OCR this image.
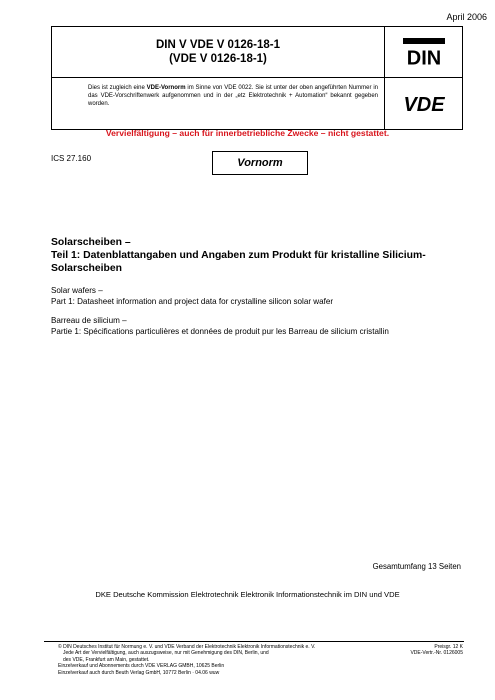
April 2006
DIN V VDE V 0126-18-1
(VDE V 0126-18-1)	DIN
Dies ist zugleich eine VDE-Vornorm im Sinne von VDE 0022. Sie ist unter der oben angeführten Nummer in das VDE-Vorschriftenwerk aufgenommen und in der „etz Elektrotechnik + Automation“ bekannt gegeben worden.	VDE
Vervielfältigung – auch für innerbetriebliche Zwecke – nicht gestattet.
ICS 27.160	Vornorm
Solarscheiben –
Teil 1: Datenblattangaben und Angaben zum Produkt für kristalline Silicium-Solarscheiben
Solar wafers –
Part 1: Datasheet information and project data for crystalline silicon solar wafer
Barreau de silicium –
Partie 1: Spécifications particulières et données de produit pur les Barreau de silicium cristallin
Gesamtumfang 13 Seiten
DKE Deutsche Kommission Elektrotechnik Elektronik Informationstechnik im DIN und VDE
© DIN Deutsches Institut für Normung e. V. und VDE Verband der Elektrotechnik Elektronik Informationstechnik e. V.
Jede Art der Vervielfältigung, auch auszugsweise, nur mit Genehmigung des DIN, Berlin, und
des VDE, Frankfurt am Main, gestattet.
Einzelverkauf und Abonnements durch VDE VERLAG GMBH, 10625 Berlin
Einzelverkauf auch durch Beuth Verlag GmbH, 10772 Berlin · 04.06 wuw
Preisgr. 12 K
VDE-Vertr.-Nr. 0126005
